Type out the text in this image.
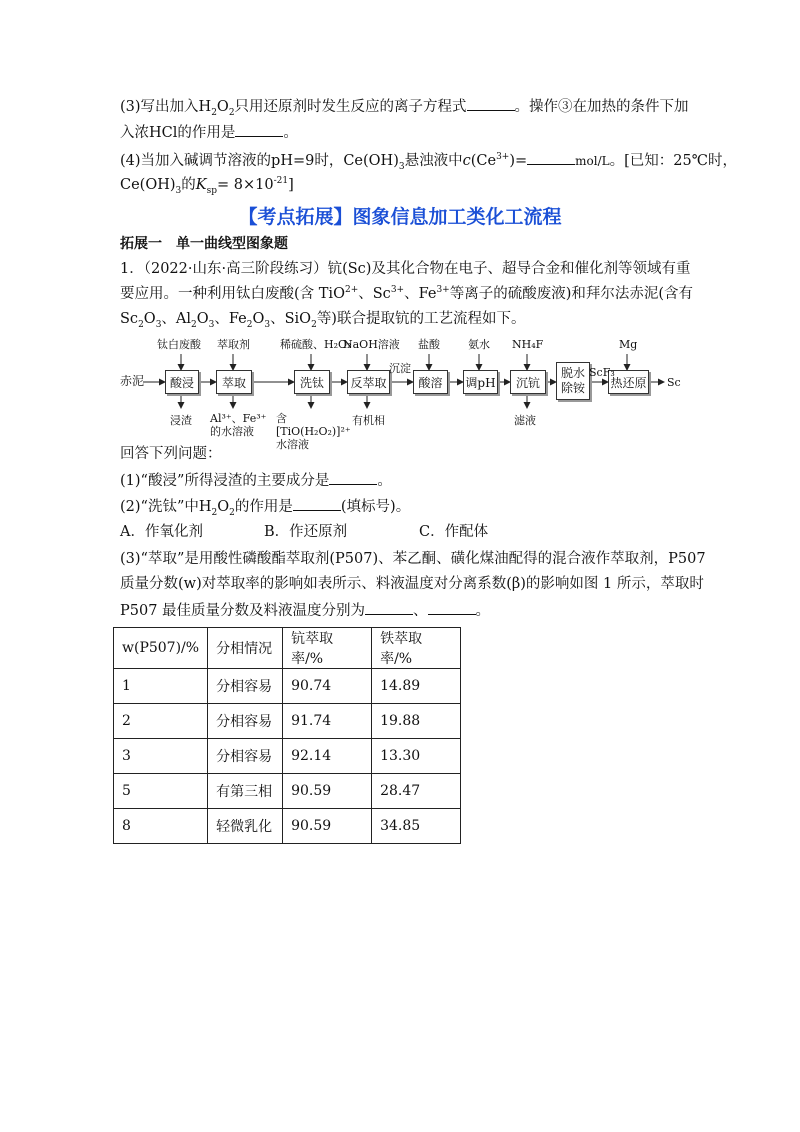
(3)写出加入$H_2O_2$只用还原剂时发生反应的离子方程式	。操作③在加热的条件下加
入浓HCl的作用是	。
(4)当加入碱调节溶液的pH=9时，$Ce(OH)_3$悬浊液中$c(Ce^{3+})=$	mol/L。[已知：25℃时，
$Ce(OH)_3$的$K_{sp}= 8\times 10^{-21}$]
【考点拓展】图象信息加工类化工流程
拓展一　单一曲线型图象题
1．（2022·山东·高三阶段练习）钪(Sc)及其化合物在电子、超导合金和催化剂等领域有重
要应用。一种利用钛白废酸(含 TiO$^{2+}$、$Sc^{3+}$、$Fe^{3+}$等离子的硫酸废液)和拜尔法赤泥(含有
$Sc_2O_3$、$Al_2O_3$、$Fe_2O_3$、SiO$_2$等)联合提取钪的工艺流程如下。
赤泥	酸浸	萃取	洗钛	反萃取	酸溶	调pH	沉钪
脱水除铵	热还原 Sc
钛白废酸 萃取剂	稀硫酸、H₂O₂
NaOH溶液 盐酸	氨水 NH₄F	Mg
沉淀	ScF₃
浸渣 Al³⁺、Fe³⁺的水溶液
含[TiO(H₂O₂)]²⁺水溶液
有机相	滤液
回答下列问题：
(1)“酸浸”所得浸渣的主要成分是	。
(2)“洗钛”中$H_2O_2$的作用是	(填标号)。
A．作氧化剂	B．作还原剂	C．作配体
(3)“萃取”是用酸性磷酸酯萃取剂(P507)、苯乙酮、磺化煤油配得的混合液作萃取剂，P507
质量分数(w)对萃取率的影响如表所示、料液温度对分离系数(β)的影响如图 1 所示，萃取时
P507 最佳质量分数及料液温度分别为	、	。
w(P507)/%	分相情况	钪萃取率/%	铁萃取率/%
1	分相容易	90.74	14.89
2	分相容易	91.74	19.88
3	分相容易	92.14	13.30
5	有第三相	90.59	28.47
8	轻微乳化	90.59	34.85
